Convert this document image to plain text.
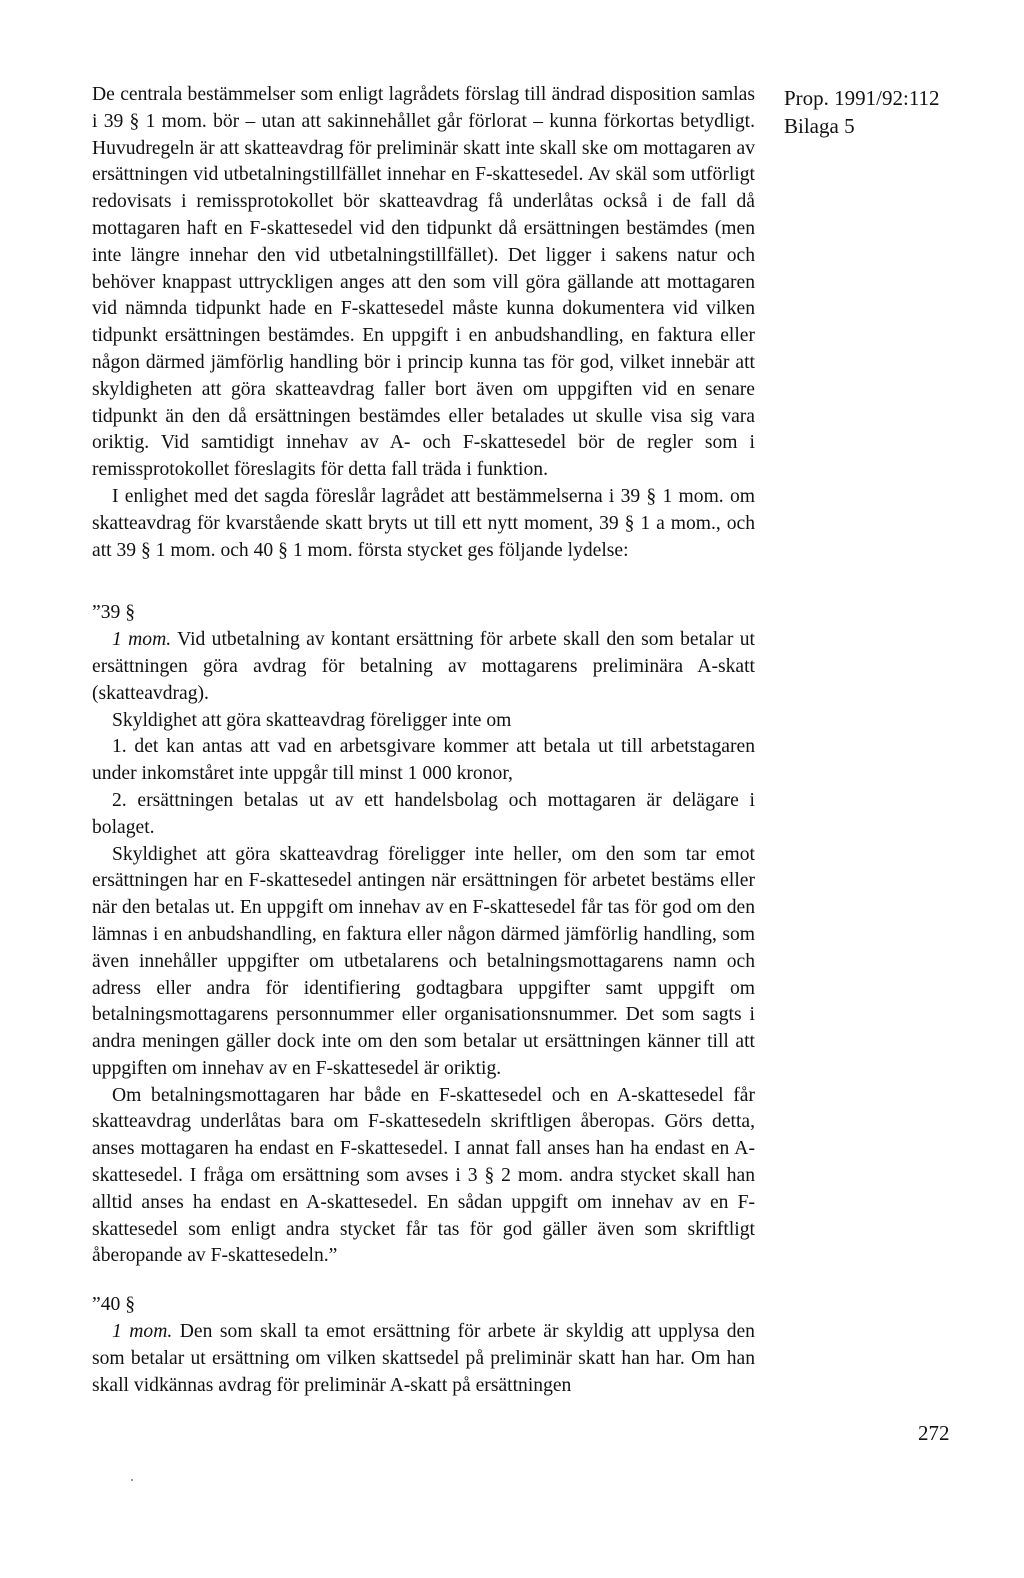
Prop. 1991/92:112
Bilaga 5

De centrala bestämmelser som enligt lagrådets förslag till ändrad disposition samlas i 39 § 1 mom. bör – utan att sakinnehållet går förlorat – kunna förkortas betydligt. Huvudregeln är att skatteavdrag för preliminär skatt inte skall ske om mottagaren av ersättningen vid utbetalningstillfället innehar en F-skattesedel. Av skäl som utförligt redovisats i remissprotokollet bör skatteavdrag få underlåtas också i de fall då mottagaren haft en F-skattesedel vid den tidpunkt då ersättningen bestämdes (men inte längre innehar den vid utbetalningstillfället). Det ligger i sakens natur och behöver knappast uttryckligen anges att den som vill göra gällande att mottagaren vid nämnda tidpunkt hade en F-skattesedel måste kunna dokumentera vid vilken tidpunkt ersättningen bestämdes. En uppgift i en anbudshandling, en faktura eller någon därmed jämförlig handling bör i princip kunna tas för god, vilket innebär att skyldigheten att göra skatteavdrag faller bort även om uppgiften vid en senare tidpunkt än den då ersättningen bestämdes eller betalades ut skulle visa sig vara oriktig. Vid samtidigt innehav av A- och F-skattesedel bör de regler som i remissprotokollet föreslagits för detta fall träda i funktion.

I enlighet med det sagda föreslår lagrådet att bestämmelserna i 39 § 1 mom. om skatteavdrag för kvarstående skatt bryts ut till ett nytt moment, 39 § 1 a mom., och att 39 § 1 mom. och 40 § 1 mom. första stycket ges följande lydelse:

”39 §

1 mom. Vid utbetalning av kontant ersättning för arbete skall den som betalar ut ersättningen göra avdrag för betalning av mottagarens preliminära A-skatt (skatteavdrag).

Skyldighet att göra skatteavdrag föreligger inte om

1. det kan antas att vad en arbetsgivare kommer att betala ut till arbetstagaren under inkomståret inte uppgår till minst 1 000 kronor,

2. ersättningen betalas ut av ett handelsbolag och mottagaren är delägare i bolaget.

Skyldighet att göra skatteavdrag föreligger inte heller, om den som tar emot ersättningen har en F-skattesedel antingen när ersättningen för arbetet bestäms eller när den betalas ut. En uppgift om innehav av en F-skattesedel får tas för god om den lämnas i en anbudshandling, en faktura eller någon därmed jämförlig handling, som även innehåller uppgifter om utbetalarens och betalningsmottagarens namn och adress eller andra för identifiering godtagbara uppgifter samt uppgift om betalningsmottagarens personnummer eller organisationsnummer. Det som sagts i andra meningen gäller dock inte om den som betalar ut ersättningen känner till att uppgiften om innehav av en F-skattesedel är oriktig.

Om betalningsmottagaren har både en F-skattesedel och en A-skattesedel får skatteavdrag underlåtas bara om F-skattesedeln skriftligen åberopas. Görs detta, anses mottagaren ha endast en F-skattesedel. I annat fall anses han ha endast en A-skattesedel. I fråga om ersättning som avses i 3 § 2 mom. andra stycket skall han alltid anses ha endast en A-skattesedel. En sådan uppgift om innehav av en F-skattesedel som enligt andra stycket får tas för god gäller även som skriftligt åberopande av F-skattesedeln.”

”40 §

1 mom. Den som skall ta emot ersättning för arbete är skyldig att upplysa den som betalar ut ersättning om vilken skattsedel på preliminär skatt han har. Om han skall vidkännas avdrag för preliminär A-skatt på ersättningen

272
